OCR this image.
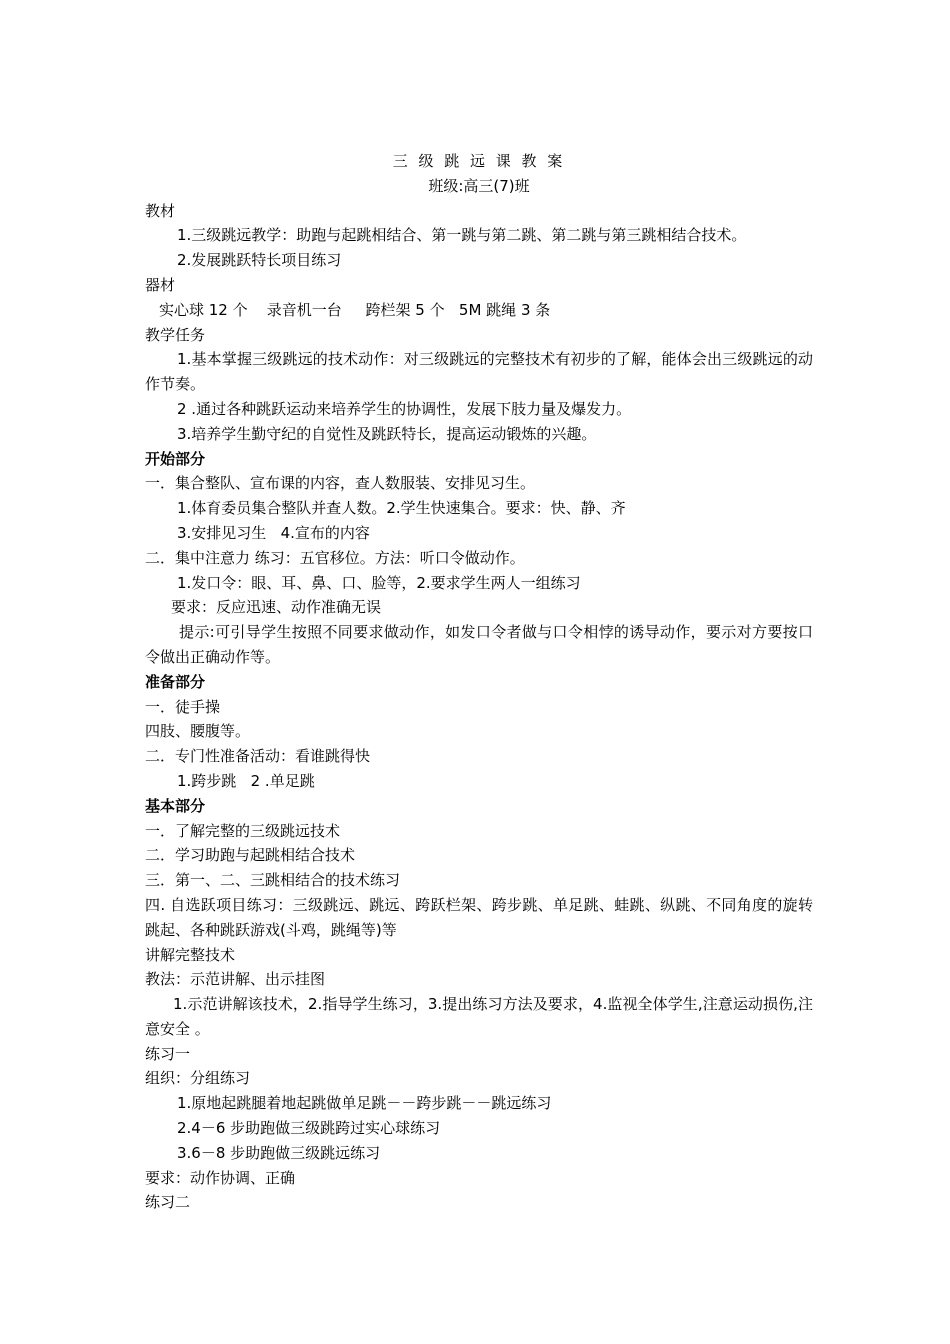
三 级 跳 远 课 教 案
班级:高三(7)班
教材
1.三级跳远教学：助跑与起跳相结合、第一跳与第二跳、第二跳与第三跳相结合技术。
2.发展跳跃特长项目练习
器材
实心球 12 个    录音机一台     跨栏架 5 个   5M 跳绳 3 条
教学任务
1.基本掌握三级跳远的技术动作：对三级跳远的完整技术有初步的了解，能体会出三级跳远的动作节奏。
2 .通过各种跳跃运动来培养学生的协调性，发展下肢力量及爆发力。
3.培养学生勤守纪的自觉性及跳跃特长，提高运动锻炼的兴趣。
开始部分
一．集合整队、宣布课的内容，查人数服装、安排见习生。
1.体育委员集合整队并查人数。2.学生快速集合。要求：快、静、齐
3.安排见习生   4.宣布的内容
二．集中注意力 练习：五官移位。方法：听口令做动作。
1.发口令：眼、耳、鼻、口、脸等，2.要求学生两人一组练习
要求：反应迅速、动作准确无误
提示:可引导学生按照不同要求做动作，如发口令者做与口令相悖的诱导动作，要示对方要按口令做出正确动作等。
准备部分
一．徒手操
四肢、腰腹等。
二．专门性准备活动：看谁跳得快
1.跨步跳   2 .单足跳
基本部分
一．了解完整的三级跳远技术
二．学习助跑与起跳相结合技术
三．第一、二、三跳相结合的技术练习
四. 自选跃项目练习：三级跳远、跳远、跨跃栏架、跨步跳、单足跳、蛙跳、纵跳、不同角度的旋转跳起、各种跳跃游戏(斗鸡，跳绳等)等
讲解完整技术
教法：示范讲解、出示挂图
1.示范讲解该技术，2.指导学生练习，3.提出练习方法及要求，4.监视全体学生,注意运动损伤,注意安全 。
练习一
组织：分组练习
1.原地起跳腿着地起跳做单足跳－－跨步跳－－跳远练习
2.4－6 步助跑做三级跳跨过实心球练习
3.6－8 步助跑做三级跳远练习
要求：动作协调、正确
练习二
